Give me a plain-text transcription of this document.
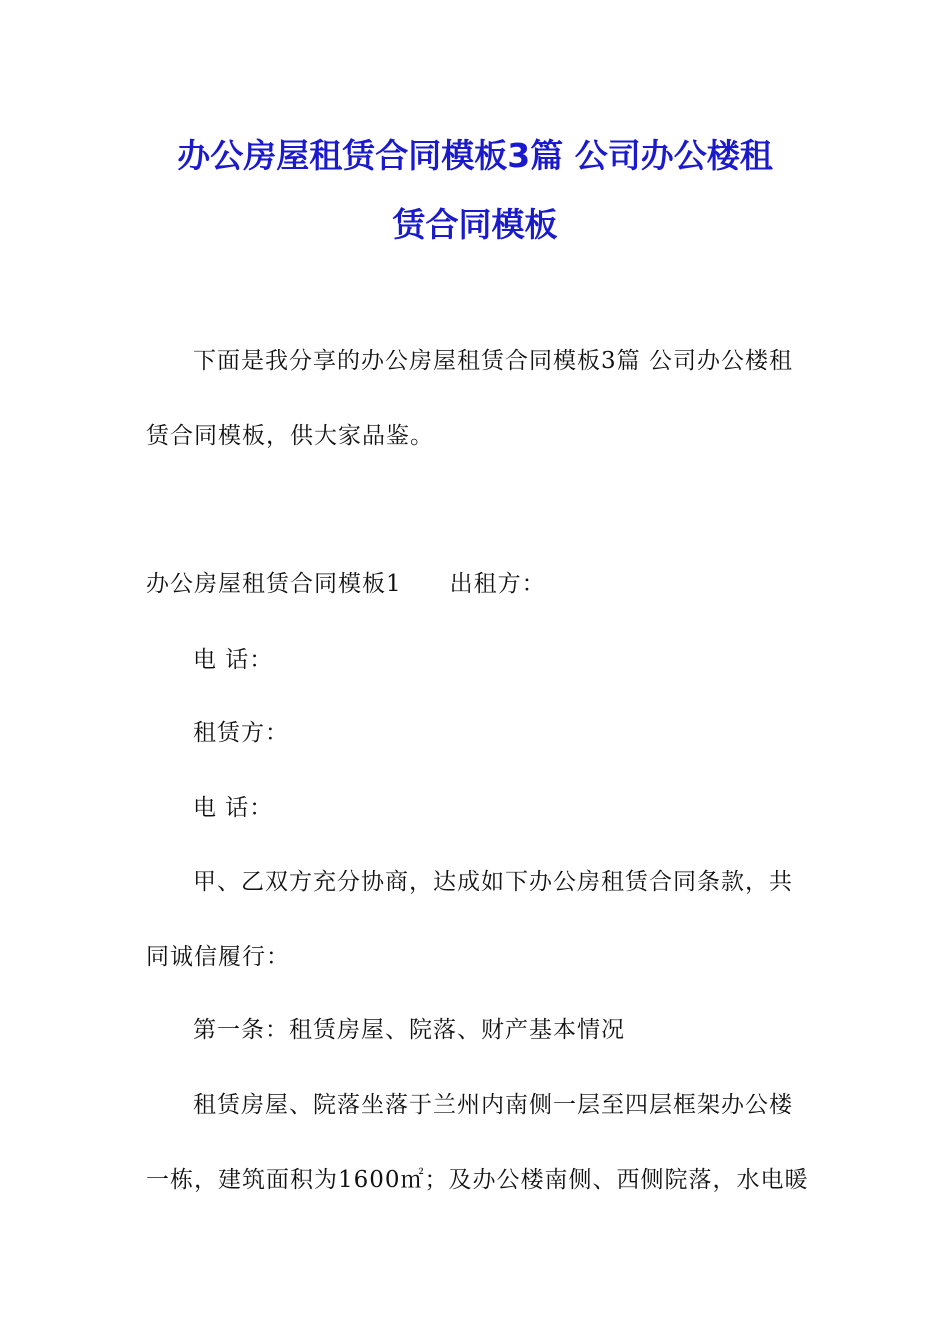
办公房屋租赁合同模板3篇 公司办公楼租
赁合同模板
下面是我分享的办公房屋租赁合同模板3篇 公司办公楼租
赁合同模板，供大家品鉴。
办公房屋租赁合同模板1 出租方：
电 话：
租赁方：
电 话：
甲、乙双方充分协商，达成如下办公房租赁合同条款，共
同诚信履行：
第一条：租赁房屋、院落、财产基本情况
租赁房屋、院落坐落于兰州内南侧一层至四层框架办公楼
一栋，建筑面积为1600㎡；及办公楼南侧、西侧院落，水电暖
